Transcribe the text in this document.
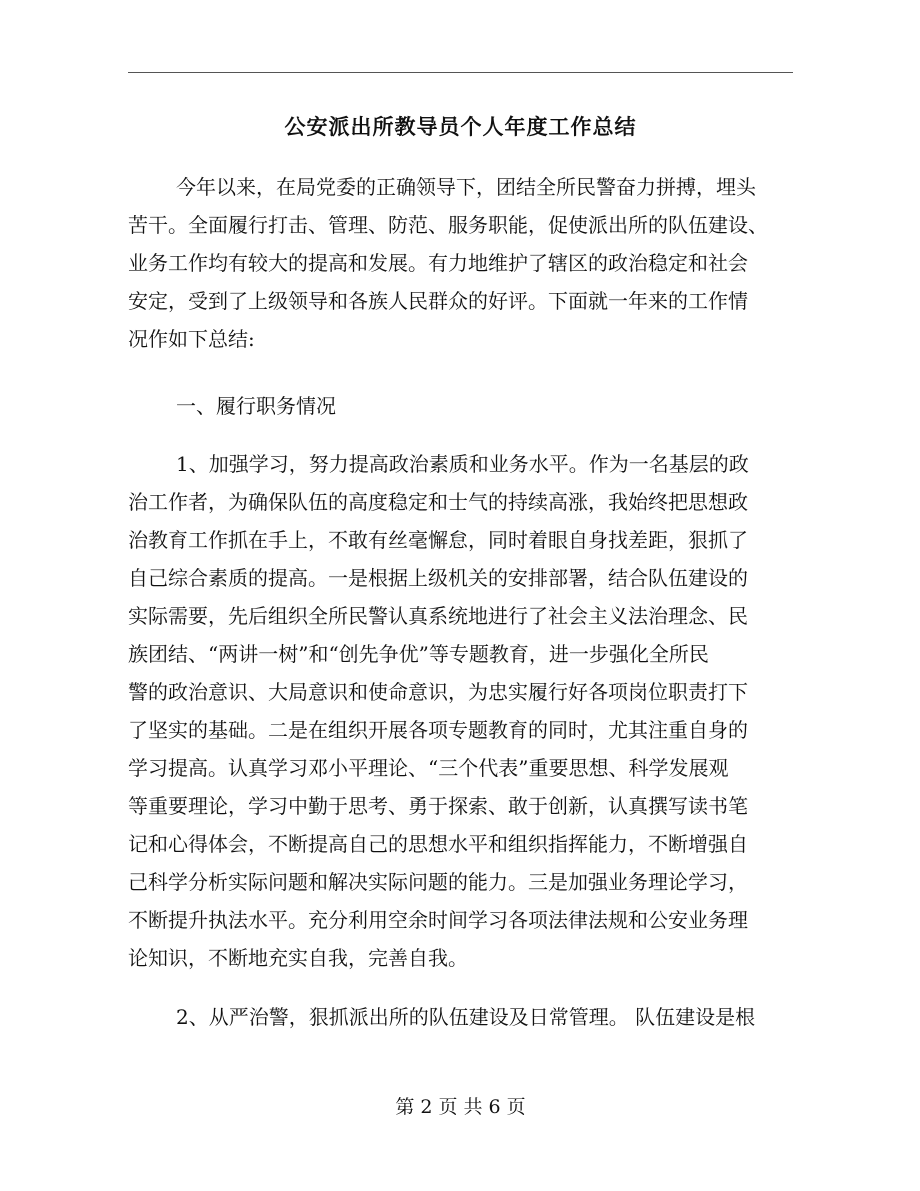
公安派出所教导员个人年度工作总结
今年以来，在局党委的正确领导下，团结全所民警奋力拼搏，埋头
苦干。全面履行打击、管理、防范、服务职能，促使派出所的队伍建设、
业务工作均有较大的提高和发展。有力地维护了辖区的政治稳定和社会
安定，受到了上级领导和各族人民群众的好评。下面就一年来的工作情
况作如下总结:
一、履行职务情况
1、加强学习，努力提高政治素质和业务水平。作为一名基层的政
治工作者，为确保队伍的高度稳定和士气的持续高涨，我始终把思想政
治教育工作抓在手上，不敢有丝毫懈怠，同时着眼自身找差距，狠抓了
自己综合素质的提高。一是根据上级机关的安排部署，结合队伍建设的
实际需要，先后组织全所民警认真系统地进行了社会主义法治理念、民
族团结、“两讲一树”和“创先争优”等专题教育，进一步强化全所民
警的政治意识、大局意识和使命意识，为忠实履行好各项岗位职责打下
了坚实的基础。二是在组织开展各项专题教育的同时，尤其注重自身的
学习提高。认真学习邓小平理论、“三个代表”重要思想、科学发展观
等重要理论，学习中勤于思考、勇于探索、敢于创新，认真撰写读书笔
记和心得体会，不断提高自己的思想水平和组织指挥能力，不断增强自
己科学分析实际问题和解决实际问题的能力。三是加强业务理论学习，
不断提升执法水平。充分利用空余时间学习各项法律法规和公安业务理
论知识，不断地充实自我，完善自我。
2、从严治警，狠抓派出所的队伍建设及日常管理。 队伍建设是根
第 2 页 共 6 页
